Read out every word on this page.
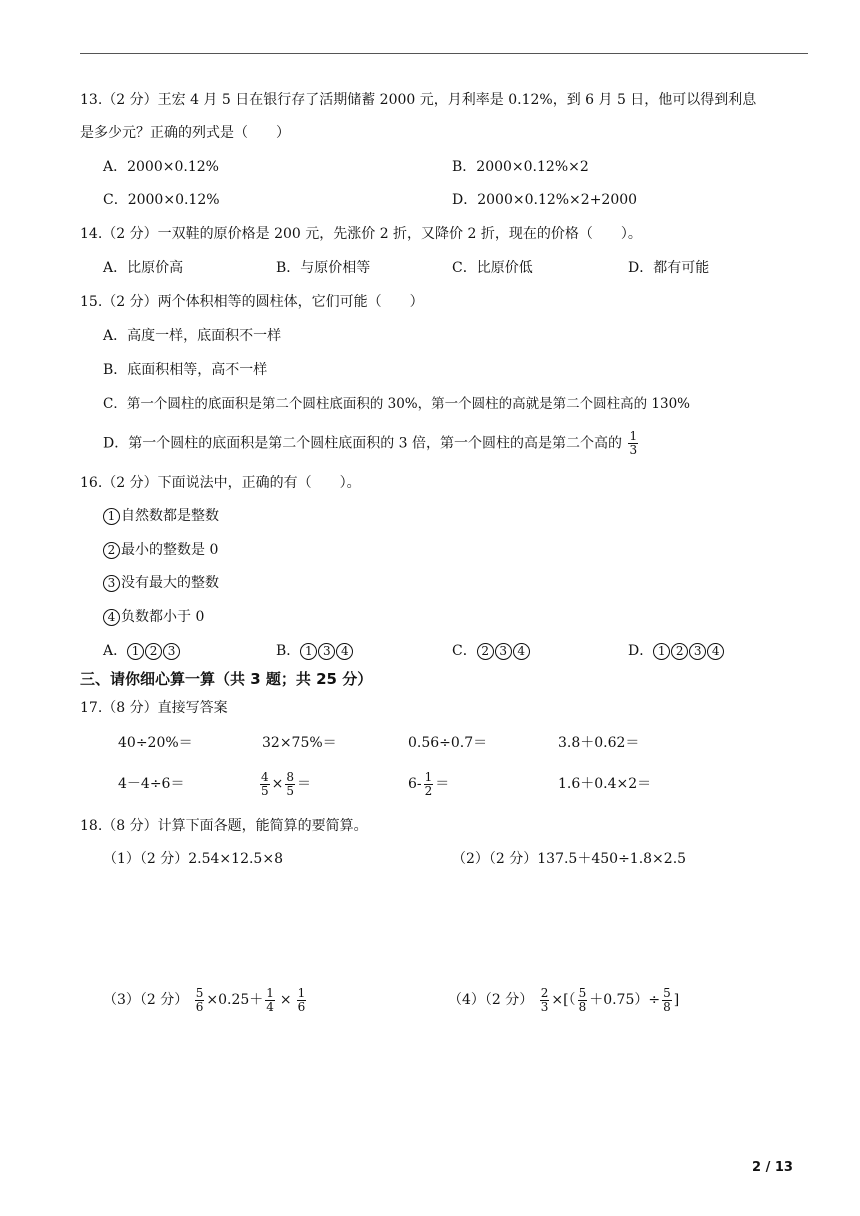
13.（2 分）王宏 4 月 5 日在银行存了活期储蓄 2000 元，月利率是 0.12%，到 6 月 5 日，他可以得到利息
是多少元？正确的列式是（　　）
A．2000×0.12%	B．2000×0.12%×2
C．2000×0.12%	D．2000×0.12%×2+2000
14.（2 分）一双鞋的原价格是 200 元，先涨价 2 折，又降价 2 折，现在的价格（　　）。
A．比原价高	B．与原价相等	C．比原价低	D．都有可能
15.（2 分）两个体积相等的圆柱体，它们可能（　　）
A．高度一样，底面积不一样
B．底面积相等，高不一样
C．第一个圆柱的底面积是第二个圆柱底面积的 30%，第一个圆柱的高就是第二个圆柱高的 130%
D．第一个圆柱的底面积是第二个圆柱底面积的 3 倍，第一个圆柱的高是第二个高的 $\frac{1}{3}$
16.（2 分）下面说法中，正确的有（　　）。
1 自然数都是整数
2 最小的整数是 0
3 没有最大的整数
4 负数都小于 0
A． 1 2 3	B． 1 3 4	C． 2 3 4	D． 1 2 3 4
三、请你细心算一算（共 3 题；共 25 分）
17.（8 分）直接写答案
40÷20%＝	32×75%＝	0.56÷0.7＝	3.8＋0.62＝
4－4÷6＝	$\frac{4}{5} \times \frac{8}{5}$ ＝	$6- \frac{1}{2}$ ＝	1.6＋0.4×2＝
18.（8 分）计算下面各题，能简算的要简算。
（1）（2 分）2.54×12.5×8	（2）（2 分）137.5＋450÷1.8×2.5
（3）（2 分） $\frac{5}{6} \times 0.25+ \frac{1}{4} \times \frac{1}{6}$	（4）（2 分） $\frac{2}{3}$ ×[（ $\frac{5}{8} +0.75)\div \frac{5}{8}$ ]
2 / 13
